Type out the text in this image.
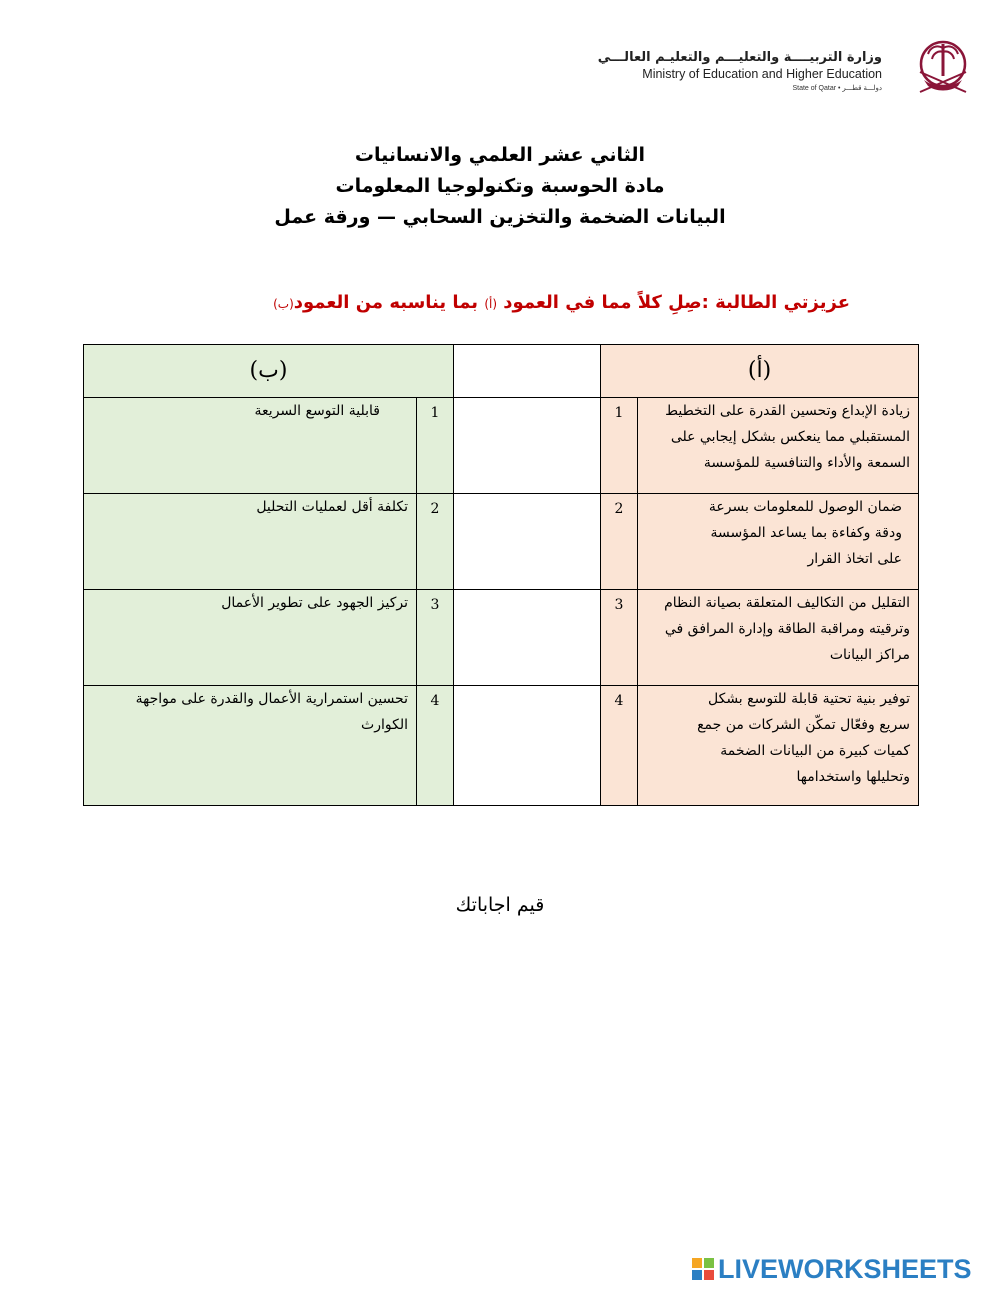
وزارة التربيــــة والتعليـــم والتعليـم العالـــي
Ministry of Education and Higher Education
State of Qatar • دولـــة قطـــر
الثاني عشر العلمي والانسانيات
مادة الحوسبة وتكنولوجيا المعلومات
البيانات الضخمة والتخزين السحابي — ورقة عمل
عزيزتي الطالبة :صِلِ كلاً مما في العمود (أ) بما يناسبه من العمود(ب)
(ب)			(أ)	
قابلية التوسع السريعة	1		1	زيادة الإبداع وتحسين القدرة على التخطيط المستقبلي مما ينعكس بشكل إيجابي على السمعة والأداء والتنافسية للمؤسسة
تكلفة أقل لعمليات التحليل	2		2	ضمان الوصول للمعلومات بسرعة ودقة وكفاءة بما يساعد المؤسسة على اتخاذ القرار
تركيز الجهود على تطوير الأعمال	3		3	التقليل من التكاليف المتعلقة بصيانة النظام وترقيته ومراقبة الطاقة وإدارة المرافق في مراكز البيانات
تحسين استمرارية الأعمال والقدرة على مواجهة الكوارث	4		4	توفير بنية تحتية قابلة للتوسع بشكل سريع وفعّال تمكّن الشركات من جمع كميات كبيرة من البيانات الضخمة وتحليلها واستخدامها
قيم اجاباتك
LIVEWORKSHEETS
